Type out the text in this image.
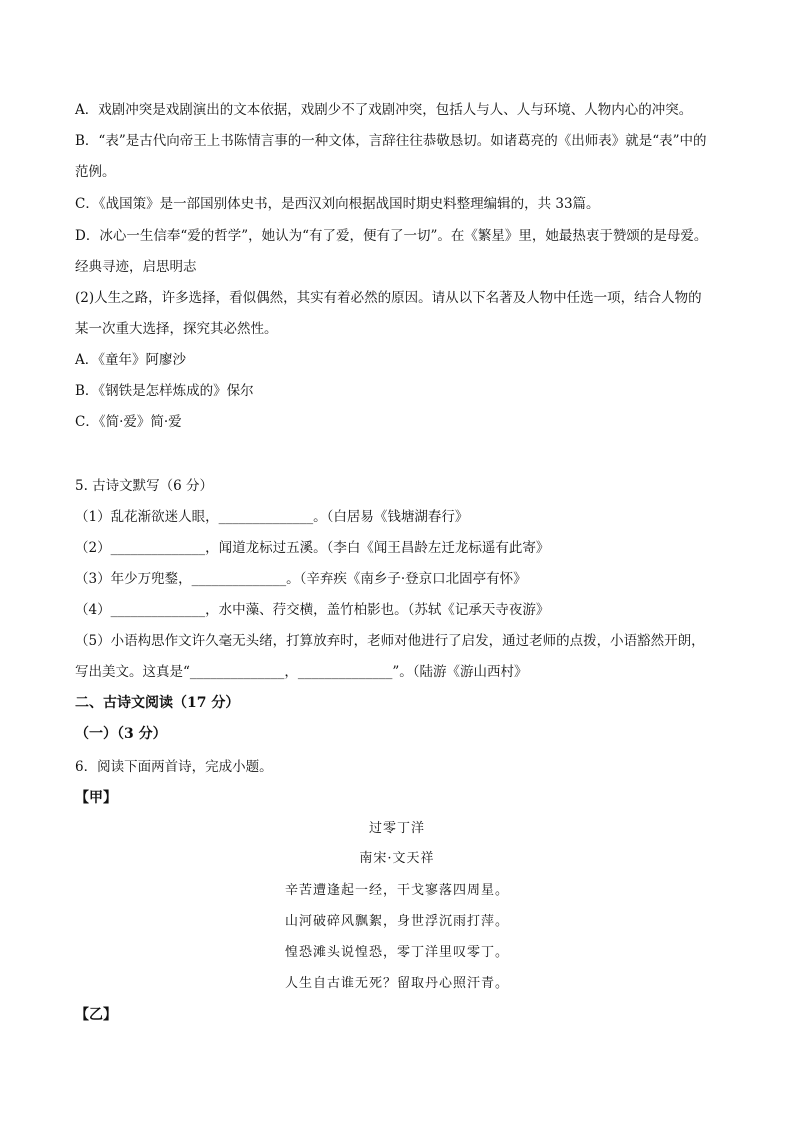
A．戏剧冲突是戏剧演出的文本依据，戏剧少不了戏剧冲突，包括人与人、人与环境、人物内心的冲突。
B．“表”是古代向帝王上书陈情言事的一种文体，言辞往往恭敬恳切。如诸葛亮的《出师表》就是“表”中的
范例。
C．《战国策》是一部国别体史书，是西汉刘向根据战国时期史料整理编辑的，共 33篇。
D．冰心一生信奉“爱的哲学”，她认为“有了爱，便有了一切”。在《繁星》里，她最热衷于赞颂的是母爱。
经典寻迹，启思明志
(2)人生之路，许多选择，看似偶然，其实有着必然的原因。请从以下名著及人物中任选一项，结合人物的
某一次重大选择，探究其必然性。
A．《童年》阿廖沙
B．《钢铁是怎样炼成的》保尔
C．《简·爱》简·爱
5. 古诗文默写（6 分）
（1）乱花渐欲迷人眼，______________。（白居易《钱塘湖春行》
（2）______________，闻道龙标过五溪。（李白《闻王昌龄左迁龙标遥有此寄》
（3）年少万兜鍪，______________。（辛弃疾《南乡子·登京口北固亭有怀》
（4）______________，水中藻、荇交横，盖竹柏影也。（苏轼《记承天寺夜游》
（5）小语构思作文许久毫无头绪，打算放弃时，老师对他进行了启发，通过老师的点拨，小语豁然开朗，
写出美文。这真是“______________，______________”。（陆游《游山西村》
二、古诗文阅读（17 分）
（一）（3 分）
6．阅读下面两首诗，完成小题。
【甲】
过零丁洋
南宋·文天祥
辛苦遭逢起一经，干戈寥落四周星。
山河破碎风飘絮，身世浮沉雨打萍。
惶恐滩头说惶恐，零丁洋里叹零丁。
人生自古谁无死？留取丹心照汗青。
【乙】
